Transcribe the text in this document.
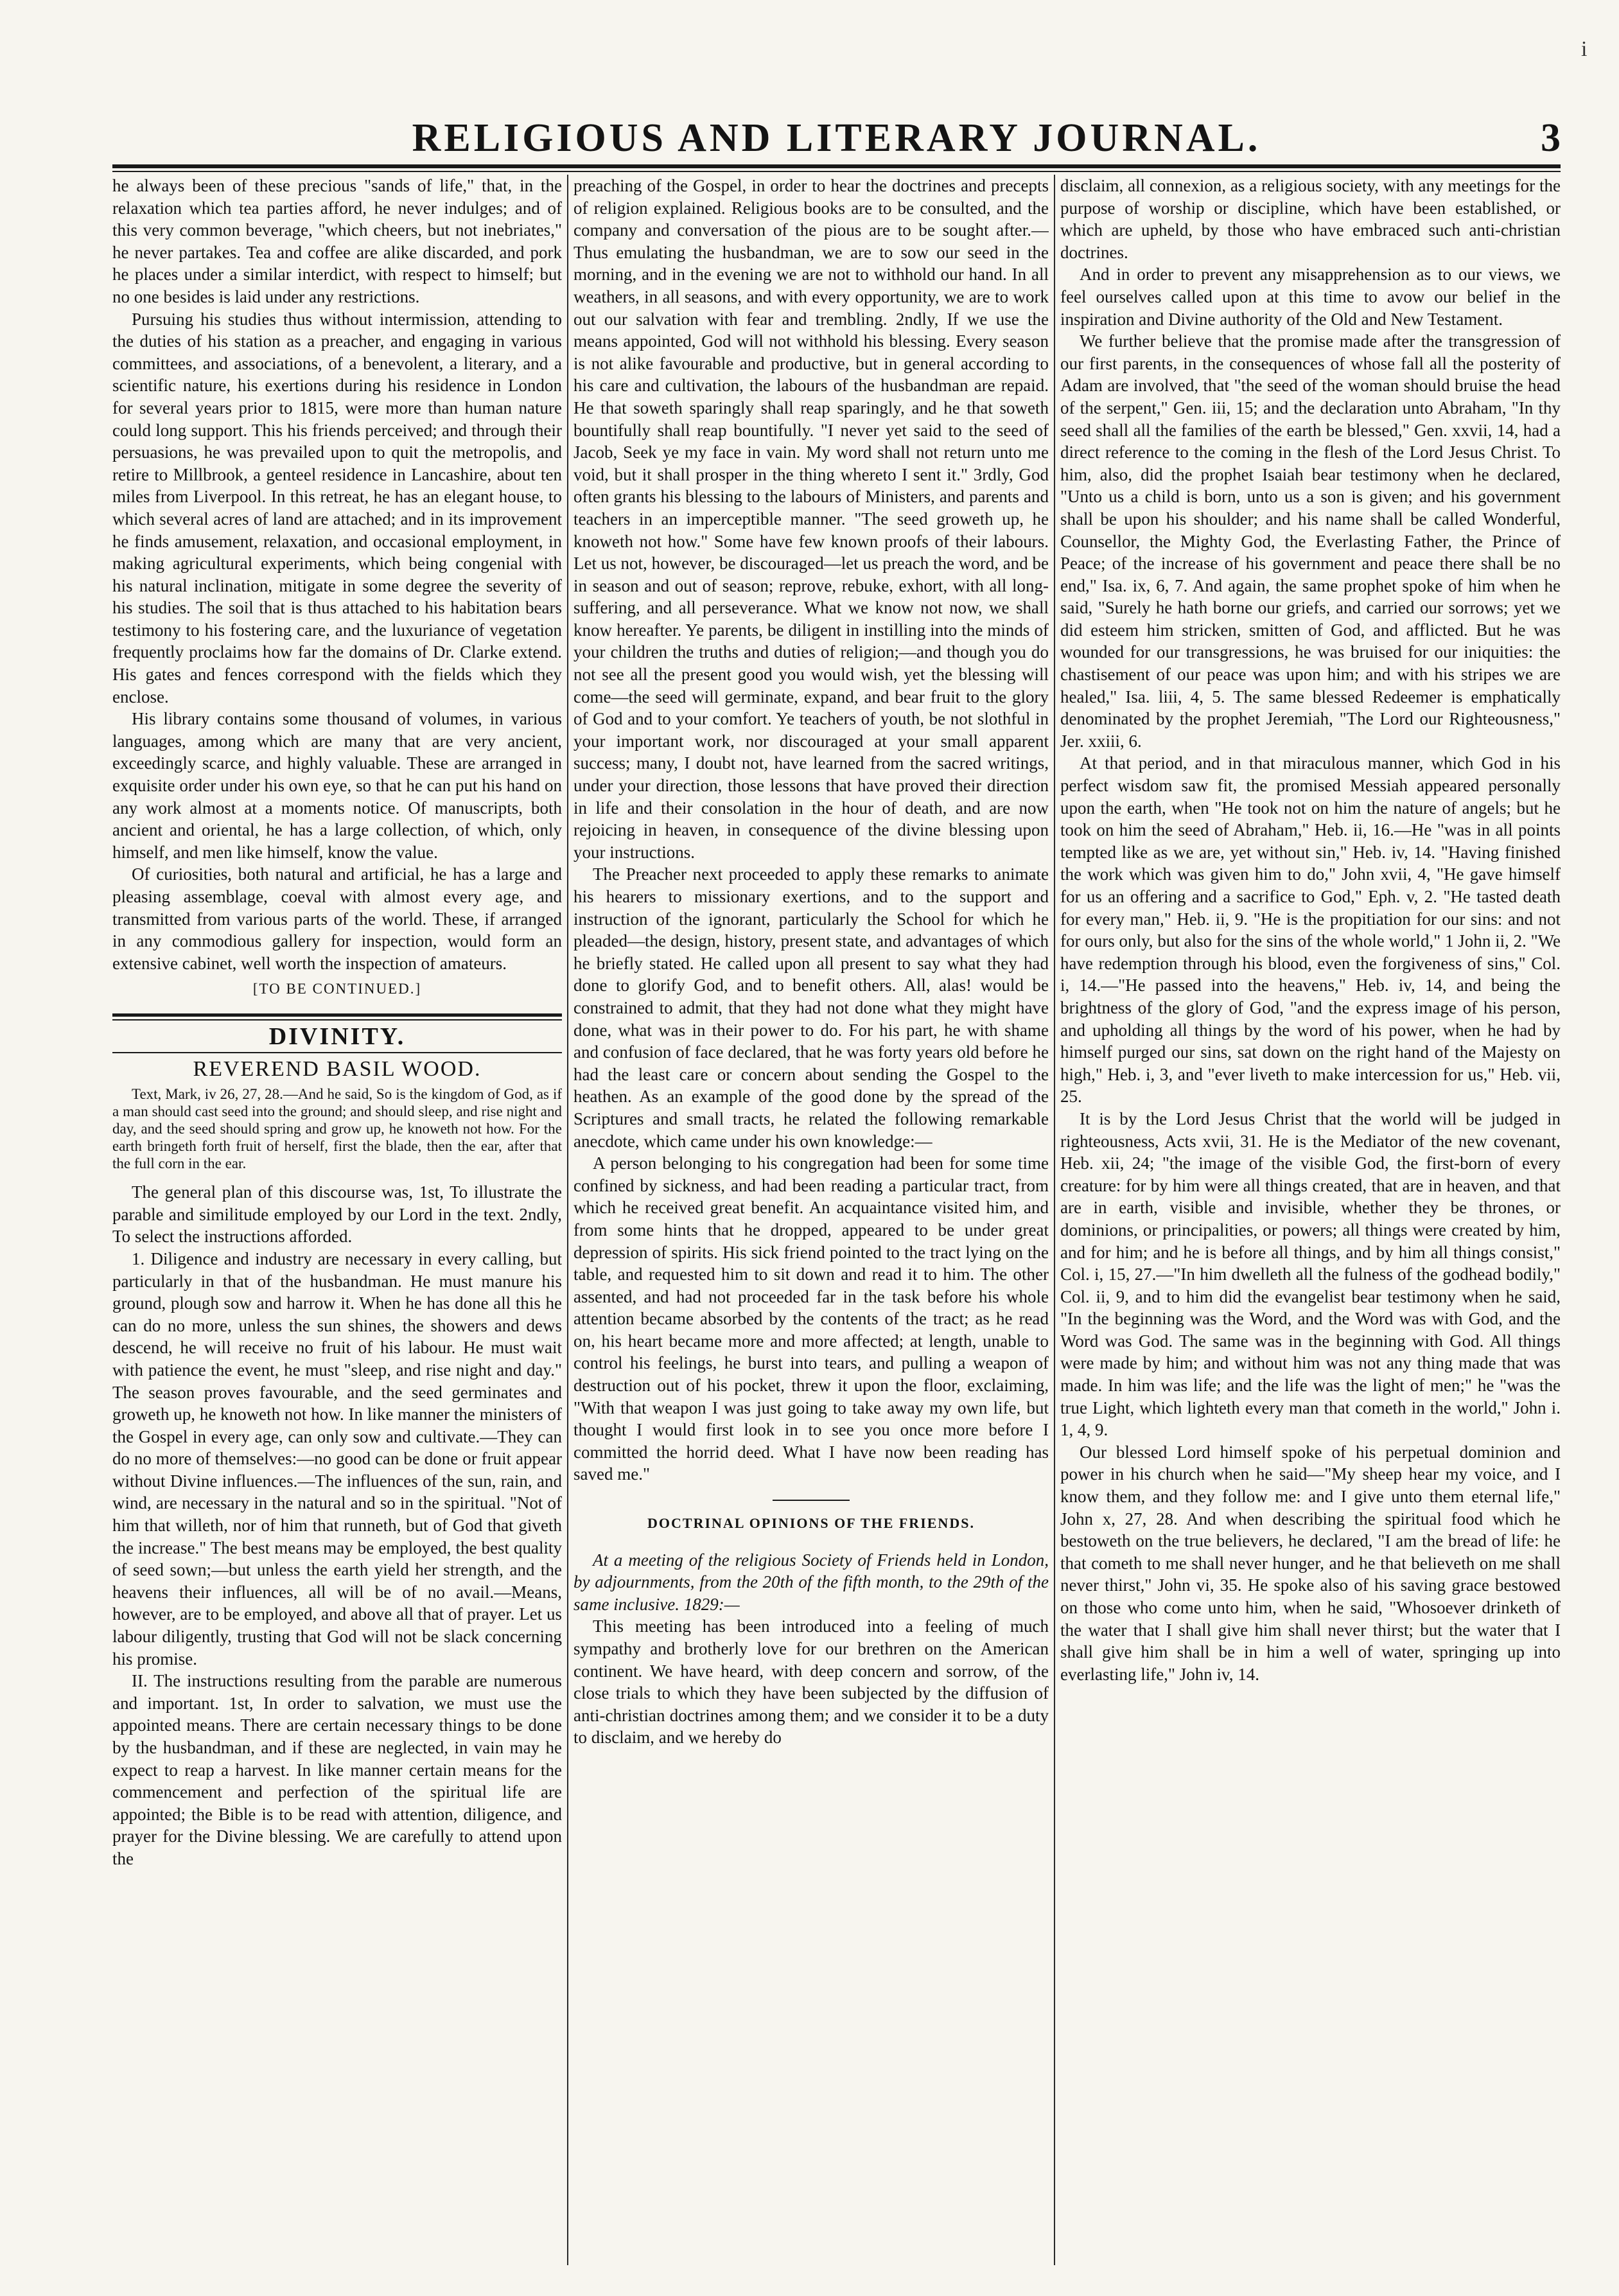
i
RELIGIOUS AND LITERARY JOURNAL.	3

he always been of these precious "sands of life," that, in the relaxation which tea parties afford, he never indulges; and of this very common beverage, "which cheers, but not inebriates," he never partakes. Tea and coffee are alike discarded, and pork he places under a similar interdict, with respect to himself; but no one besides is laid under any restrictions.

Pursuing his studies thus without intermission, attending to the duties of his station as a preacher, and engaging in various committees, and associations, of a benevolent, a literary, and a scientific nature, his exertions during his residence in London for several years prior to 1815, were more than human nature could long support. This his friends perceived; and through their persuasions, he was prevailed upon to quit the metropolis, and retire to Millbrook, a genteel residence in Lancashire, about ten miles from Liverpool. In this retreat, he has an elegant house, to which several acres of land are attached; and in its improvement he finds amusement, relaxation, and occasional employment, in making agricultural experiments, which being congenial with his natural inclination, mitigate in some degree the severity of his studies. The soil that is thus attached to his habitation bears testimony to his fostering care, and the luxuriance of vegetation frequently proclaims how far the domains of Dr. Clarke extend. His gates and fences correspond with the fields which they enclose.

His library contains some thousand of volumes, in various languages, among which are many that are very ancient, exceedingly scarce, and highly valuable. These are arranged in exquisite order under his own eye, so that he can put his hand on any work almost at a moments notice. Of manuscripts, both ancient and oriental, he has a large collection, of which, only himself, and men like himself, know the value.

Of curiosities, both natural and artificial, he has a large and pleasing assemblage, coeval with almost every age, and transmitted from various parts of the world. These, if arranged in any commodious gallery for inspection, would form an extensive cabinet, well worth the inspection of amateurs.

[TO BE CONTINUED.]

DIVINITY.

REVEREND BASIL WOOD.

Text, Mark, iv 26, 27, 28.—And he said, So is the kingdom of God, as if a man should cast seed into the ground; and should sleep, and rise night and day, and the seed should spring and grow up, he knoweth not how. For the earth bringeth forth fruit of herself, first the blade, then the ear, after that the full corn in the ear.

The general plan of this discourse was, 1st, To illustrate the parable and similitude employed by our Lord in the text. 2ndly, To select the instructions afforded.

1. Diligence and industry are necessary in every calling, but particularly in that of the husbandman. He must manure his ground, plough sow and harrow it. When he has done all this he can do no more, unless the sun shines, the showers and dews descend, he will receive no fruit of his labour. He must wait with patience the event, he must "sleep, and rise night and day." The season proves favourable, and the seed germinates and groweth up, he knoweth not how. In like manner the ministers of the Gospel in every age, can only sow and cultivate.—They can do no more of themselves:—no good can be done or fruit appear without Divine influences.—The influences of the sun, rain, and wind, are necessary in the natural and so in the spiritual. "Not of him that willeth, nor of him that runneth, but of God that giveth the increase." The best means may be employed, the best quality of seed sown;—but unless the earth yield her strength, and the heavens their influences, all will be of no avail.—Means, however, are to be employed, and above all that of prayer. Let us labour diligently, trusting that God will not be slack concerning his promise.

II. The instructions resulting from the parable are numerous and important. 1st, In order to salvation, we must use the appointed means. There are certain necessary things to be done by the husbandman, and if these are neglected, in vain may he expect to reap a harvest. In like manner certain means for the commencement and perfection of the spiritual life are appointed; the Bible is to be read with attention, diligence, and prayer for the Divine blessing. We are carefully to attend upon the

preaching of the Gospel, in order to hear the doctrines and precepts of religion explained. Religious books are to be consulted, and the company and conversation of the pious are to be sought after.—Thus emulating the husbandman, we are to sow our seed in the morning, and in the evening we are not to withhold our hand. In all weathers, in all seasons, and with every opportunity, we are to work out our salvation with fear and trembling. 2ndly, If we use the means appointed, God will not withhold his blessing. Every season is not alike favourable and productive, but in general according to his care and cultivation, the labours of the husbandman are repaid. He that soweth sparingly shall reap sparingly, and he that soweth bountifully shall reap bountifully. "I never yet said to the seed of Jacob, Seek ye my face in vain. My word shall not return unto me void, but it shall prosper in the thing whereto I sent it." 3rdly, God often grants his blessing to the labours of Ministers, and parents and teachers in an imperceptible manner. "The seed groweth up, he knoweth not how." Some have few known proofs of their labours. Let us not, however, be discouraged—let us preach the word, and be in season and out of season; reprove, rebuke, exhort, with all long-suffering, and all perseverance. What we know not now, we shall know hereafter. Ye parents, be diligent in instilling into the minds of your children the truths and duties of religion;—and though you do not see all the present good you would wish, yet the blessing will come—the seed will germinate, expand, and bear fruit to the glory of God and to your comfort. Ye teachers of youth, be not slothful in your important work, nor discouraged at your small apparent success; many, I doubt not, have learned from the sacred writings, under your direction, those lessons that have proved their direction in life and their consolation in the hour of death, and are now rejoicing in heaven, in consequence of the divine blessing upon your instructions.

The Preacher next proceeded to apply these remarks to animate his hearers to missionary exertions, and to the support and instruction of the ignorant, particularly the School for which he pleaded—the design, history, present state, and advantages of which he briefly stated. He called upon all present to say what they had done to glorify God, and to benefit others. All, alas! would be constrained to admit, that they had not done what they might have done, what was in their power to do. For his part, he with shame and confusion of face declared, that he was forty years old before he had the least care or concern about sending the Gospel to the heathen. As an example of the good done by the spread of the Scriptures and small tracts, he related the following remarkable anecdote, which came under his own knowledge:—

A person belonging to his congregation had been for some time confined by sickness, and had been reading a particular tract, from which he received great benefit. An acquaintance visited him, and from some hints that he dropped, appeared to be under great depression of spirits. His sick friend pointed to the tract lying on the table, and requested him to sit down and read it to him. The other assented, and had not proceeded far in the task before his whole attention became absorbed by the contents of the tract; as he read on, his heart became more and more affected; at length, unable to control his feelings, he burst into tears, and pulling a weapon of destruction out of his pocket, threw it upon the floor, exclaiming, "With that weapon I was just going to take away my own life, but thought I would first look in to see you once more before I committed the horrid deed. What I have now been reading has saved me."

DOCTRINAL OPINIONS OF THE FRIENDS.

At a meeting of the religious Society of Friends held in London, by adjournments, from the 20th of the fifth month, to the 29th of the same inclusive. 1829:—

This meeting has been introduced into a feeling of much sympathy and brotherly love for our brethren on the American continent. We have heard, with deep concern and sorrow, of the close trials to which they have been subjected by the diffusion of anti-christian doctrines among them; and we consider it to be a duty to disclaim, and we hereby do

disclaim, all connexion, as a religious society, with any meetings for the purpose of worship or discipline, which have been established, or which are upheld, by those who have embraced such anti-christian doctrines.

And in order to prevent any misapprehension as to our views, we feel ourselves called upon at this time to avow our belief in the inspiration and Divine authority of the Old and New Testament.

We further believe that the promise made after the transgression of our first parents, in the consequences of whose fall all the posterity of Adam are involved, that "the seed of the woman should bruise the head of the serpent," Gen. iii, 15; and the declaration unto Abraham, "In thy seed shall all the families of the earth be blessed," Gen. xxvii, 14, had a direct reference to the coming in the flesh of the Lord Jesus Christ. To him, also, did the prophet Isaiah bear testimony when he declared, "Unto us a child is born, unto us a son is given; and his government shall be upon his shoulder; and his name shall be called Wonderful, Counsellor, the Mighty God, the Everlasting Father, the Prince of Peace; of the increase of his government and peace there shall be no end," Isa. ix, 6, 7. And again, the same prophet spoke of him when he said, "Surely he hath borne our griefs, and carried our sorrows; yet we did esteem him stricken, smitten of God, and afflicted. But he was wounded for our transgressions, he was bruised for our iniquities: the chastisement of our peace was upon him; and with his stripes we are healed," Isa. liii, 4, 5. The same blessed Redeemer is emphatically denominated by the prophet Jeremiah, "The Lord our Righteousness," Jer. xxiii, 6.

At that period, and in that miraculous manner, which God in his perfect wisdom saw fit, the promised Messiah appeared personally upon the earth, when "He took not on him the nature of angels; but he took on him the seed of Abraham," Heb. ii, 16.—He "was in all points tempted like as we are, yet without sin," Heb. iv, 14. "Having finished the work which was given him to do," John xvii, 4, "He gave himself for us an offering and a sacrifice to God," Eph. v, 2. "He tasted death for every man," Heb. ii, 9. "He is the propitiation for our sins: and not for ours only, but also for the sins of the whole world," 1 John ii, 2. "We have redemption through his blood, even the forgiveness of sins," Col. i, 14.—"He passed into the heavens," Heb. iv, 14, and being the brightness of the glory of God, "and the express image of his person, and upholding all things by the word of his power, when he had by himself purged our sins, sat down on the right hand of the Majesty on high," Heb. i, 3, and "ever liveth to make intercession for us," Heb. vii, 25.

It is by the Lord Jesus Christ that the world will be judged in righteousness, Acts xvii, 31. He is the Mediator of the new covenant, Heb. xii, 24; "the image of the visible God, the first-born of every creature: for by him were all things created, that are in heaven, and that are in earth, visible and invisible, whether they be thrones, or dominions, or principalities, or powers; all things were created by him, and for him; and he is before all things, and by him all things consist," Col. i, 15, 27.—"In him dwelleth all the fulness of the godhead bodily," Col. ii, 9, and to him did the evangelist bear testimony when he said, "In the beginning was the Word, and the Word was with God, and the Word was God. The same was in the beginning with God. All things were made by him; and without him was not any thing made that was made. In him was life; and the life was the light of men;" he "was the true Light, which lighteth every man that cometh in the world," John i. 1, 4, 9.

Our blessed Lord himself spoke of his perpetual dominion and power in his church when he said—"My sheep hear my voice, and I know them, and they follow me: and I give unto them eternal life," John x, 27, 28. And when describing the spiritual food which he bestoweth on the true believers, he declared, "I am the bread of life: he that cometh to me shall never hunger, and he that believeth on me shall never thirst," John vi, 35. He spoke also of his saving grace bestowed on those who come unto him, when he said, "Whosoever drinketh of the water that I shall give him shall never thirst; but the water that I shall give him shall be in him a well of water, springing up into everlasting life," John iv, 14.
